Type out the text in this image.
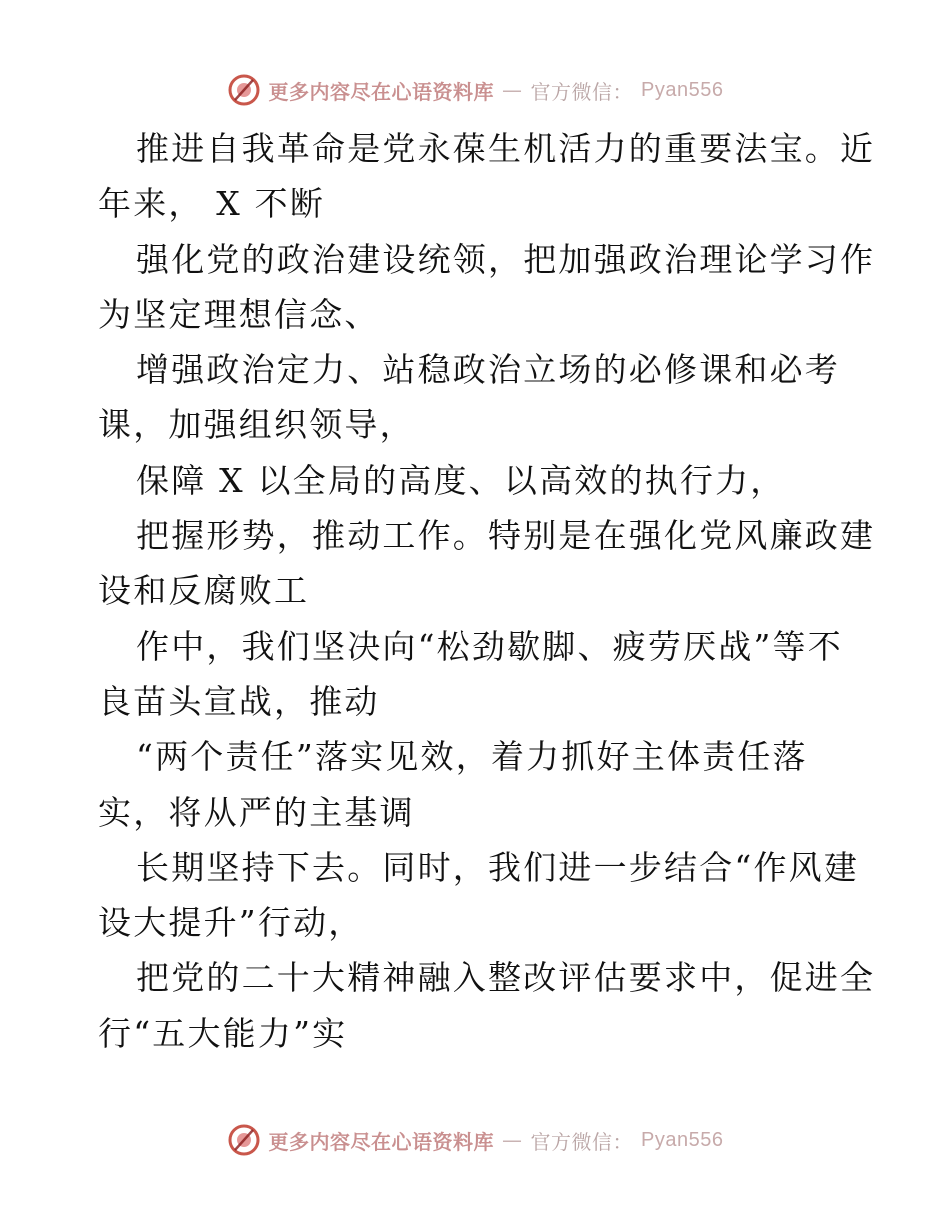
更多内容尽在心语资料库 — 官方微信： Pyan556
推进自我革命是党永葆生机活力的重要法宝。近
年来， X 不断
强化党的政治建设统领，把加强政治理论学习作
为坚定理想信念、
增强政治定力、站稳政治立场的必修课和必考
课，加强组织领导，
保障 X 以全局的高度、以高效的执行力，
把握形势，推动工作。特别是在强化党风廉政建
设和反腐败工
作中，我们坚决向“松劲歇脚、疲劳厌战”等不
良苗头宣战，推动
“两个责任”落实见效，着力抓好主体责任落
实，将从严的主基调
长期坚持下去。同时，我们进一步结合“作风建
设大提升”行动，
把党的二十大精神融入整改评估要求中，促进全
行“五大能力”实
更多内容尽在心语资料库 — 官方微信： Pyan556
